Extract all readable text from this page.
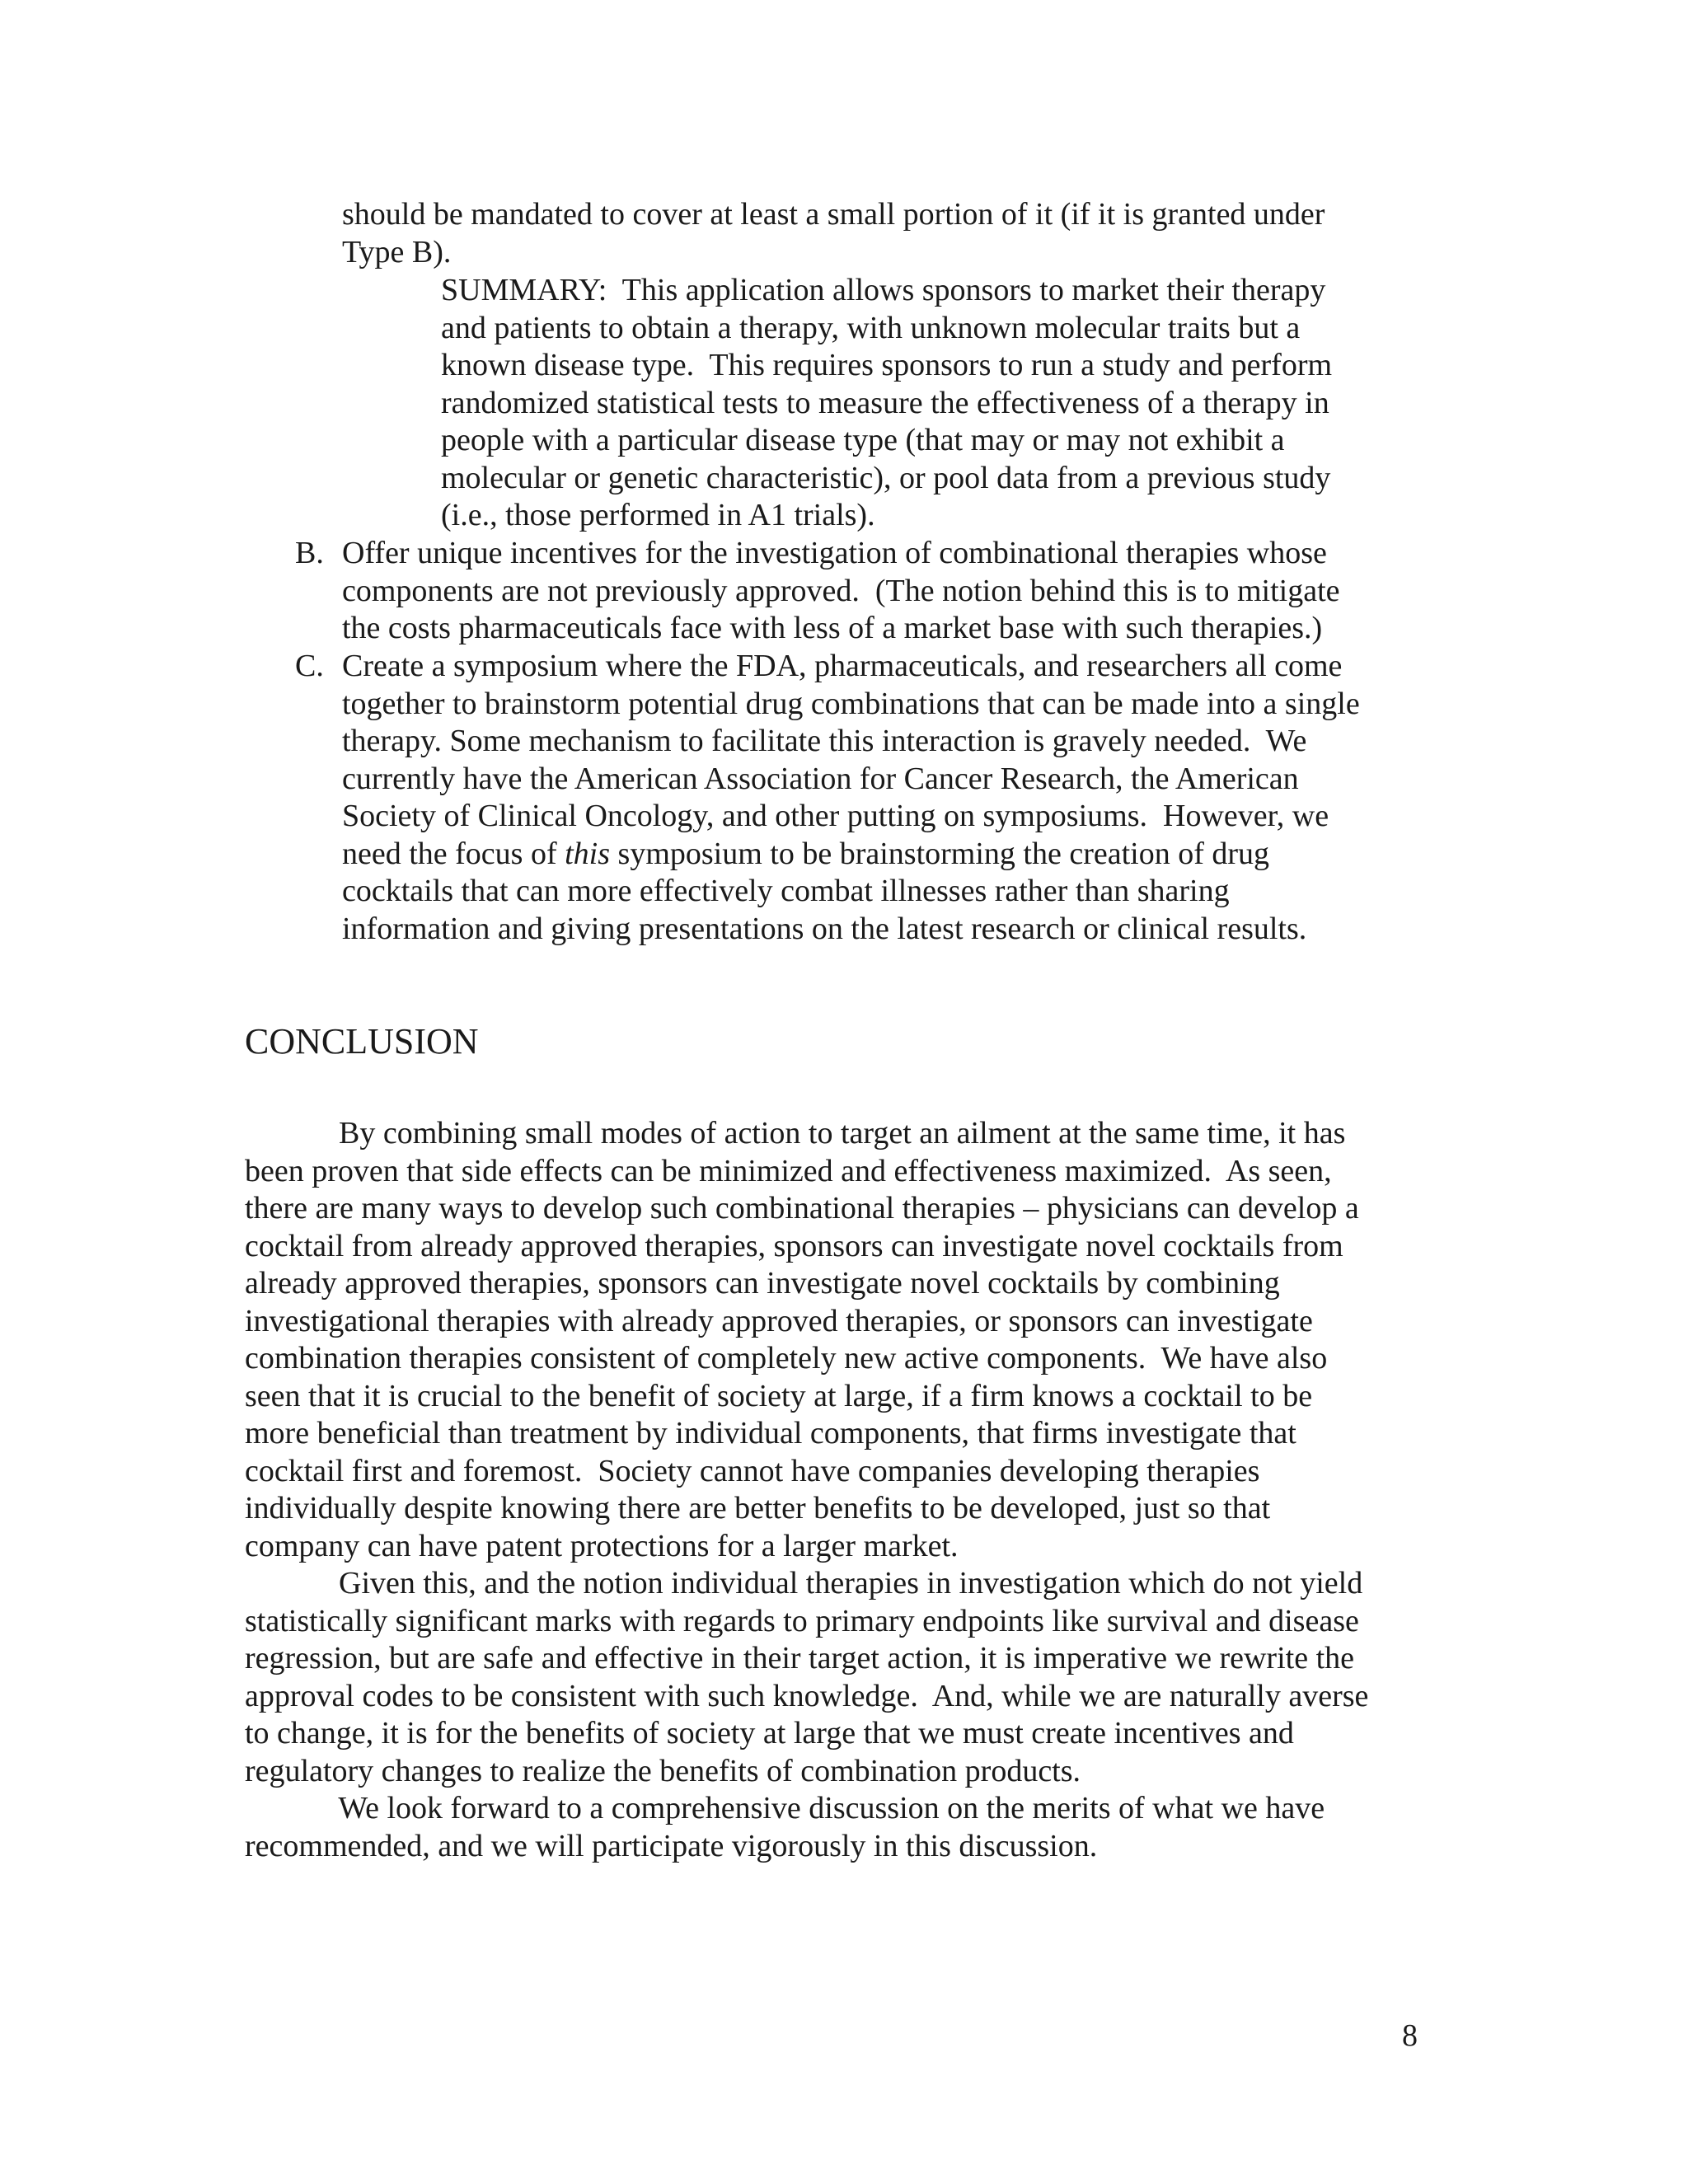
should be mandated to cover at least a small portion of it (if it is granted under
Type B).

SUMMARY:  This application allows sponsors to market their therapy
and patients to obtain a therapy, with unknown molecular traits but a
known disease type.  This requires sponsors to run a study and perform
randomized statistical tests to measure the effectiveness of a therapy in
people with a particular disease type (that may or may not exhibit a
molecular or genetic characteristic), or pool data from a previous study
(i.e., those performed in A1 trials).

B. Offer unique incentives for the investigation of combinational therapies whose
components are not previously approved.  (The notion behind this is to mitigate
the costs pharmaceuticals face with less of a market base with such therapies.)

C. Create a symposium where the FDA, pharmaceuticals, and researchers all come
together to brainstorm potential drug combinations that can be made into a single
therapy. Some mechanism to facilitate this interaction is gravely needed.  We
currently have the American Association for Cancer Research, the American
Society of Clinical Oncology, and other putting on symposiums.  However, we
need the focus of this symposium to be brainstorming the creation of drug
cocktails that can more effectively combat illnesses rather than sharing
information and giving presentations on the latest research or clinical results.

CONCLUSION

By combining small modes of action to target an ailment at the same time, it has
been proven that side effects can be minimized and effectiveness maximized.  As seen,
there are many ways to develop such combinational therapies – physicians can develop a
cocktail from already approved therapies, sponsors can investigate novel cocktails from
already approved therapies, sponsors can investigate novel cocktails by combining
investigational therapies with already approved therapies, or sponsors can investigate
combination therapies consistent of completely new active components.  We have also
seen that it is crucial to the benefit of society at large, if a firm knows a cocktail to be
more beneficial than treatment by individual components, that firms investigate that
cocktail first and foremost.  Society cannot have companies developing therapies
individually despite knowing there are better benefits to be developed, just so that
company can have patent protections for a larger market.

Given this, and the notion individual therapies in investigation which do not yield
statistically significant marks with regards to primary endpoints like survival and disease
regression, but are safe and effective in their target action, it is imperative we rewrite the
approval codes to be consistent with such knowledge.  And, while we are naturally averse
to change, it is for the benefits of society at large that we must create incentives and
regulatory changes to realize the benefits of combination products.

We look forward to a comprehensive discussion on the merits of what we have
recommended, and we will participate vigorously in this discussion.

8
